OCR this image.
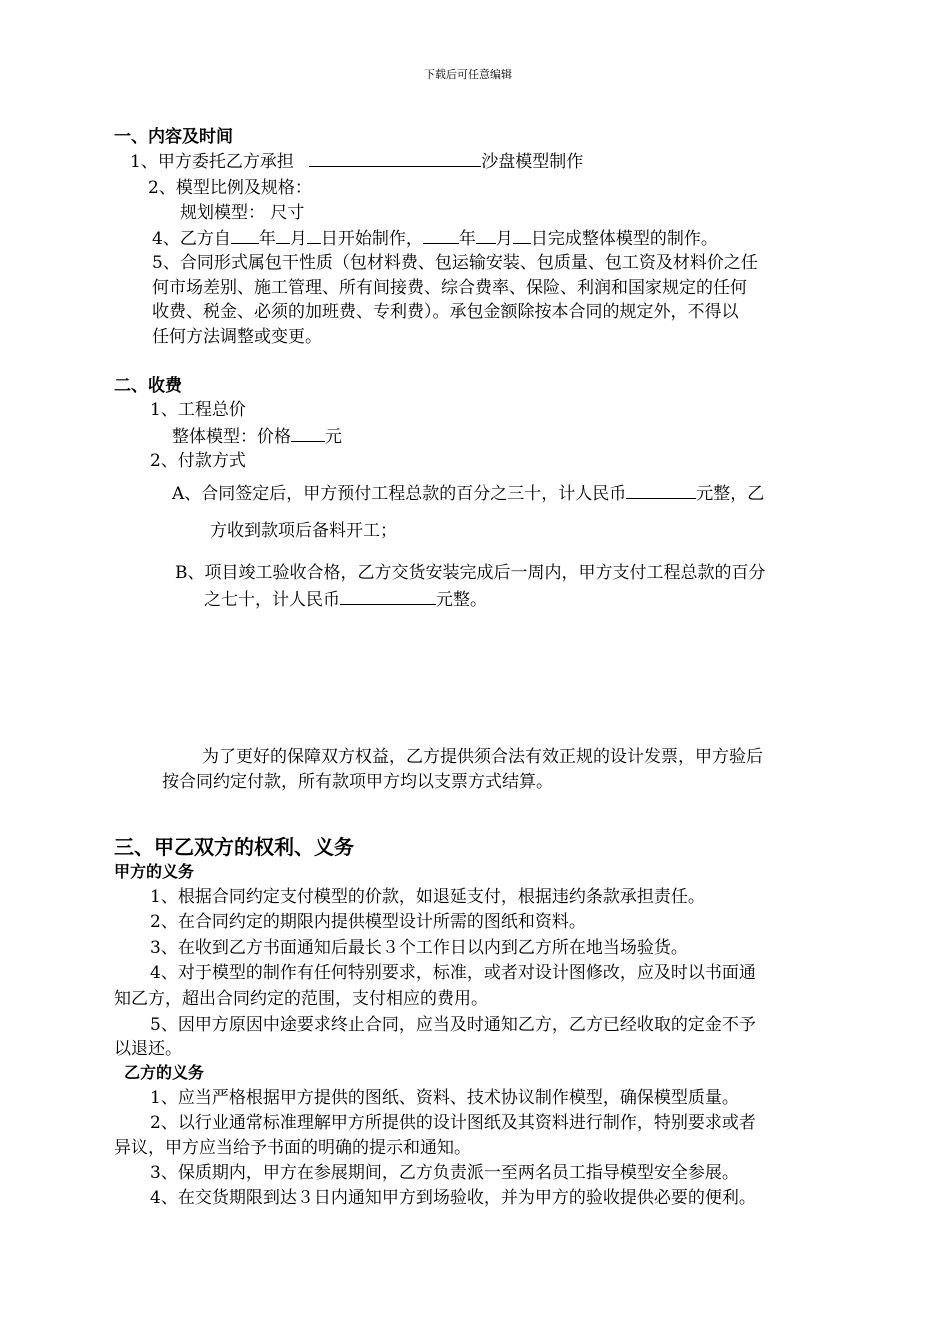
下载后可任意编辑
一、内容及时间
1、甲方委托乙方承担	沙盘模型制作
2、模型比例及规格：
规划模型： 尺寸
4、乙方自 年 月 日开始制作， 年 月 日完成整体模型的制作。
5、合同形式属包干性质（包材料费、包运输安装、包质量、包工资及材料价之任
何市场差别、施工管理、所有间接费、综合费率、保险、利润和国家规定的任何
收费、税金、必须的加班费、专利费）。承包金额除按本合同的规定外，不得以
任何方法调整或变更。
二、收费
1、工程总价
整体模型：价格 元
2、付款方式
A、合同签定后，甲方预付工程总款的百分之三十，计人民币	元整，乙
方收到款项后备料开工；
B、项目竣工验收合格，乙方交货安装完成后一周内，甲方支付工程总款的百分
之七十，计人民币	元整。
为了更好的保障双方权益，乙方提供须合法有效正规的设计发票，甲方验后
按合同约定付款，所有款项甲方均以支票方式结算。
三、甲乙双方的权利、义务
甲方的义务
1、根据合同约定支付模型的价款，如退延支付，根据违约条款承担责任。
2、在合同约定的期限内提供模型设计所需的图纸和资料。
3、在收到乙方书面通知后最长３个工作日以内到乙方所在地当场验货。
4、对于模型的制作有任何特别要求，标准，或者对设计图修改，应及时以书面通
知乙方，超出合同约定的范围，支付相应的费用。
5、因甲方原因中途要求终止合同，应当及时通知乙方，乙方已经收取的定金不予
以退还。
乙方的义务
1、应当严格根据甲方提供的图纸、资料、技术协议制作模型，确保模型质量。
2、以行业通常标准理解甲方所提供的设计图纸及其资料进行制作，特别要求或者
异议，甲方应当给予书面的明确的提示和通知。
3、保质期内，甲方在参展期间，乙方负责派一至两名员工指导模型安全参展。
4、在交货期限到达３日内通知甲方到场验收，并为甲方的验收提供必要的便利。
